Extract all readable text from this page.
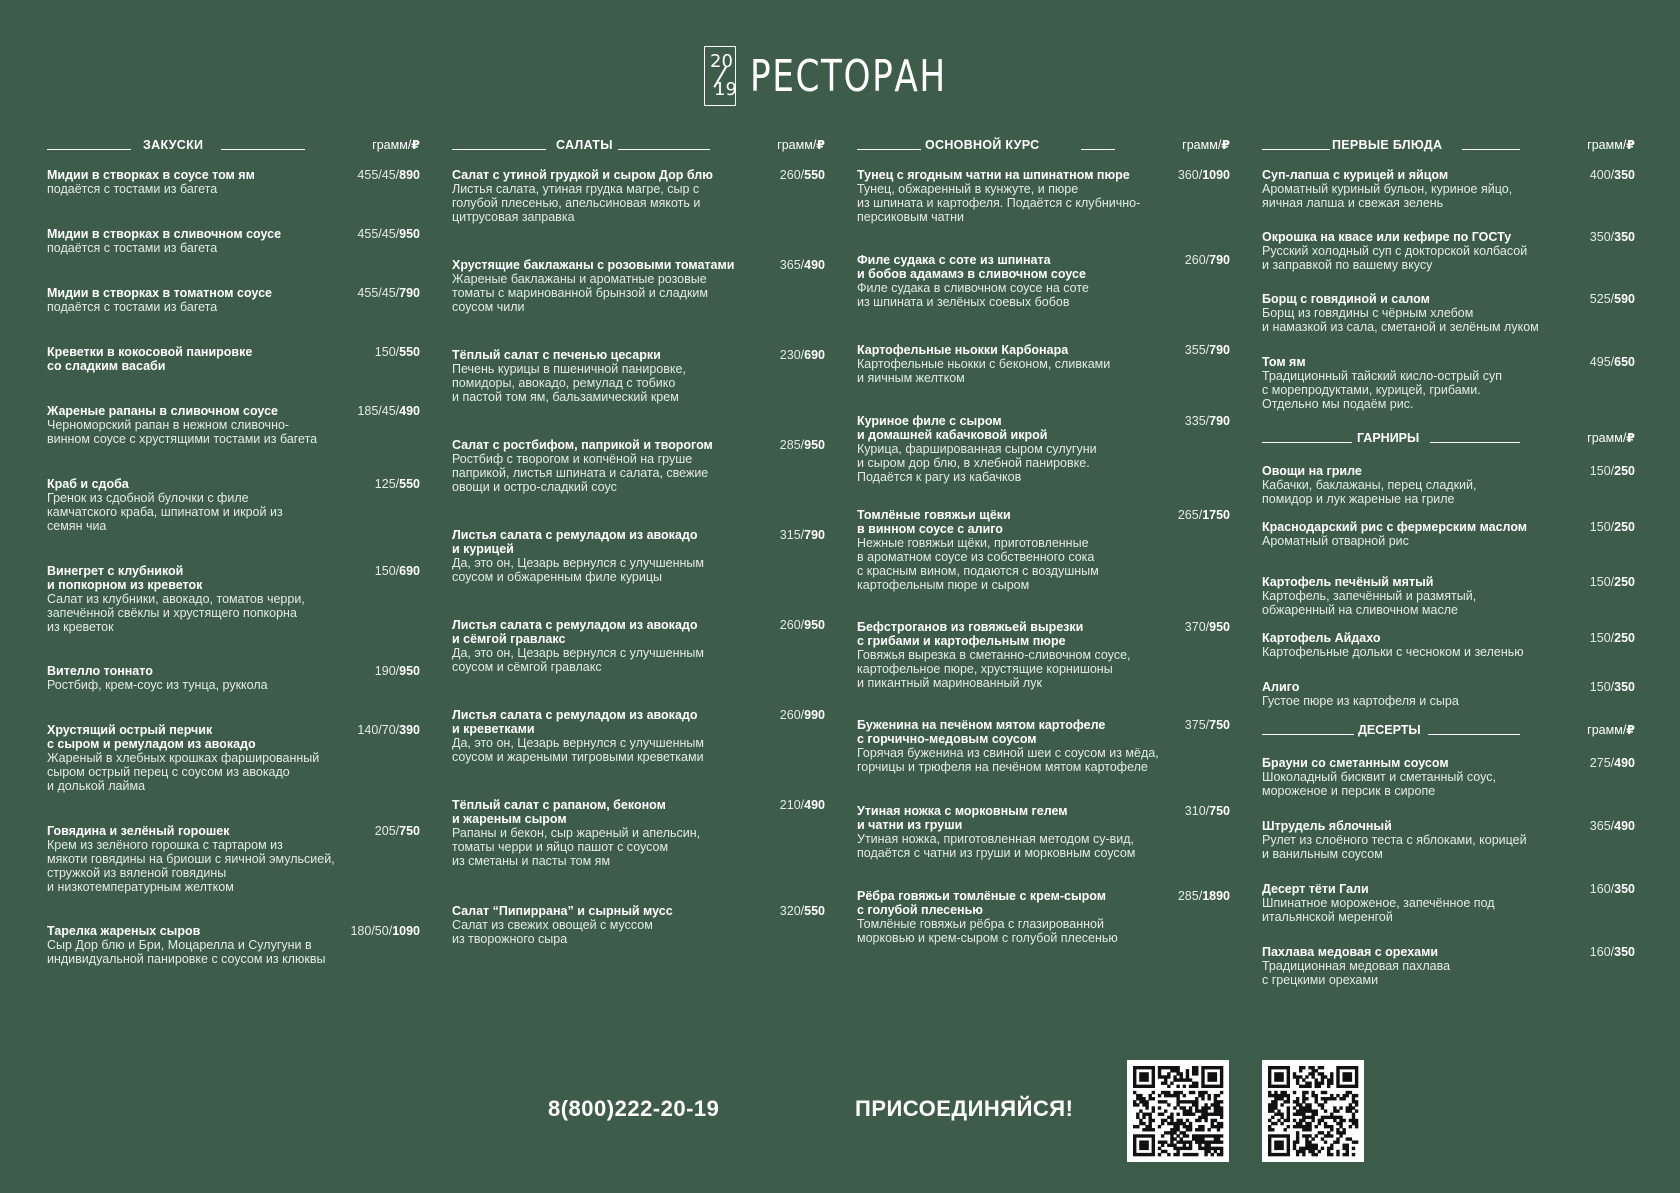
20
19 РЕСТОРАН
ЗАКУСКИ	грамм/₽
Мидии в створках в соусе том ям
подаётся с тостами из багета
455/45/890
Мидии в створках в сливочном соусе
подаётся с тостами из багета
455/45/950
Мидии в створках в томатном соусе
подаётся с тостами из багета
455/45/790
Креветки в кокосовой панировке
со сладким васаби
150/550
Жареные рапаны в сливочном соусе
Черноморский рапан в нежном сливочно-
винном соусе с хрустящими тостами из багета
185/45/490
Краб и сдоба
Гренок из сдобной булочки с филе
камчатского краба, шпинатом и икрой из
семян чиа
125/550
Винегрет с клубникой
и попкорном из креветок
Салат из клубники, авокадо, томатов черри,
запечённой свёклы и хрустящего попкорна
из креветок
150/690
Вителло тоннато
Ростбиф, крем-соус из тунца, руккола
190/950
Хрустящий острый перчик
с сыром и ремуладом из авокадо
Жареный в хлебных крошках фаршированный
сыром острый перец с соусом из авокадо
и долькой лайма
140/70/390
Говядина и зелёный горошек
Крем из зелёного горошка с тартаром из
мякоти говядины на бриоши с яичной эмульсией,
стружкой из вяленой говядины
и низкотемпературным желтком
205/750
Тарелка жареных сыров
Сыр Дор блю и Бри, Моцарелла и Сулугуни в
индивидуальной панировке с соусом из клюквы
180/50/1090
САЛАТЫ	грамм/₽
Салат с утиной грудкой и сыром Дор блю
Листья салата, утиная грудка магре, сыр с
голубой плесенью, апельсиновая мякоть и
цитрусовая заправка
260/550
Хрустящие баклажаны с розовыми томатами
Жареные баклажаны и ароматные розовые
томаты с маринованной брынзой и сладким
соусом чили
365/490
Тёплый салат с печенью цесарки
Печень курицы в пшеничной панировке,
помидоры, авокадо, ремулад с тобико
и пастой том ям, бальзамический крем
230/690
Салат с ростбифом, паприкой и творогом
Ростбиф с творогом и копчёной на груше
паприкой, листья шпината и салата, свежие
овощи и остро-сладкий соус
285/950
Листья салата с ремуладом из авокадо
и курицей
Да, это он, Цезарь вернулся с улучшенным
соусом и обжаренным филе курицы
315/790
Листья салата с ремуладом из авокадо
и сёмгой гравлакс
Да, это он, Цезарь вернулся с улучшенным
соусом и сёмгой гравлакс
260/950
Листья салата с ремуладом из авокадо
и креветками
Да, это он, Цезарь вернулся с улучшенным
соусом и жареными тигровыми креветками
260/990
Тёплый салат с рапаном, беконом
и жареным сыром
Рапаны и бекон, сыр жареный и апельсин,
томаты черри и яйцо пашот с соусом
из сметаны и пасты том ям
210/490
Салат “Пипиррана” и сырный мусс
Салат из свежих овощей с муссом
из творожного сыра
320/550
ОСНОВНОЙ КУРС	грамм/₽
Тунец с ягодным чатни на шпинатном пюре
Тунец, обжаренный в кунжуте, и пюре
из шпината и картофеля. Подаётся с клубнично-
персиковым чатни
360/1090
Филе судака с соте из шпината
и бобов адамамэ в сливочном соусе
Филе судака в сливочном соусе на соте
из шпината и зелёных соевых бобов
260/790
Картофельные ньокки Карбонара
Картофельные ньокки с беконом, сливками
и яичным желтком
355/790
Куриное филе с сыром
и домашней кабачковой икрой
Курица, фаршированная сыром сулугуни
и сыром дор блю, в хлебной панировке.
Подаётся к рагу из кабачков
335/790
Томлёные говяжьи щёки
в винном соусе с алиго
Нежные говяжьи щёки, приготовленные
в ароматном соусе из собственного сока
с красным вином, подаются с воздушным
картофельным пюре и сыром
265/1750
Бефстроганов из говяжьей вырезки
с грибами и картофельным пюре
Говяжья вырезка в сметанно-сливочном соусе,
картофельное пюре, хрустящие корнишоны
и пикантный маринованный лук
370/950
Буженина на печёном мятом картофеле
с горчично-медовым соусом
Горячая буженина из свиной шеи с соусом из мёда,
горчицы и трюфеля на печёном мятом картофеле
375/750
Утиная ножка с морковным гелем
и чатни из груши
Утиная ножка, приготовленная методом су-вид,
подаётся с чатни из груши и морковным соусом
310/750
Рёбра говяжьи томлёные с крем-сыром
с голубой плесенью
Томлёные говяжьи рёбра с глазированной
морковью и крем-сыром с голубой плесенью
285/1890
ПЕРВЫЕ БЛЮДА	грамм/₽
Суп-лапша с курицей и яйцом
Ароматный куриный бульон, куриное яйцо,
яичная лапша и свежая зелень
400/350
Окрошка на квасе или кефире по ГОСТу
Русский холодный суп с докторской колбасой
и заправкой по вашему вкусу
350/350
Борщ с говядиной и салом
Борщ из говядины с чёрным хлебом
и намазкой из сала, сметаной и зелёным луком
525/590
Том ям
Традиционный тайский кисло-острый суп
с морепродуктами, курицей, грибами.
Отдельно мы подаём рис.
495/650
ГАРНИРЫ	грамм/₽
Овощи на гриле
Кабачки, баклажаны, перец сладкий,
помидор и лук жареные на гриле
150/250
Краснодарский рис с фермерским маслом
Ароматный отварной рис
150/250
Картофель печёный мятый
Картофель, запечённый и размятый,
обжаренный на сливочном масле
150/250
Картофель Айдахо
Картофельные дольки с чесноком и зеленью
150/250
Алиго
Густое пюре из картофеля и сыра
150/350
ДЕСЕРТЫ	грамм/₽
Брауни со сметанным соусом
Шоколадный бисквит и сметанный соус,
мороженое и персик в сиропе
275/490
Штрудель яблочный
Рулет из слоёного теста с яблоками, корицей
и ванильным соусом
365/490
Десерт тёти Гали
Шпинатное мороженое, запечённое под
итальянской меренгой
160/350
Пахлава медовая с орехами
Традиционная медовая пахлава
с грецкими орехами
160/350
8(800)222-20-19	ПРИСОЕДИНЯЙСЯ!
